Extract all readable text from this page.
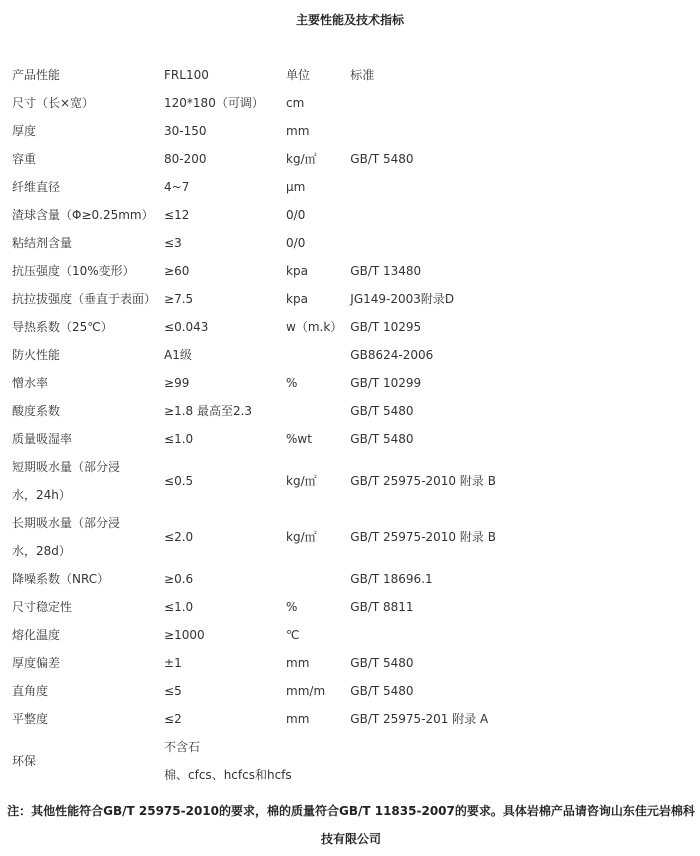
主要性能及技术指标
产品性能	FRL100	单位	标准
尺寸（长×宽）	120*180（可调）	cm	
厚度	30-150	mm	
容重	80-200	kg/㎡	GB/T 5480
纤维直径	4~7	μm	
渣球含量（Φ≥0.25mm）	≤12	0/0	
粘结剂含量	≤3	0/0	
抗压强度（10%变形）	≥60	kpa	GB/T 13480
抗拉拔强度（垂直于表面）	≥7.5	kpa	JG149-2003附录D
导热系数（25℃）	≤0.043	w（m.k）	GB/T 10295
防火性能	A1级		GB8624-2006
憎水率	≥99	%	GB/T 10299
酸度系数	≥1.8 最高至2.3		GB/T 5480
质量吸湿率	≤1.0	%wt	GB/T 5480

短期吸水量（部分浸
水，24h）	≤0.5	kg/㎡	GB/T 25975-2010 附录 B

长期吸水量（部分浸
水，28d）	≤2.0	kg/㎡	GB/T 25975-2010 附录 B
降噪系数（NRC）	≥0.6		GB/T 18696.1
尺寸稳定性	≤1.0	%	GB/T 8811
熔化温度	≥1000	℃	
厚度偏差	±1	mm	GB/T 5480
直角度	≤5	mm/m	GB/T 5480
平整度	≤2	mm	GB/T 25975-201 附录 A
环保	不含石
棉、cfcs、hcfcs和hcfs		
注：其他性能符合GB/T 25975-2010的要求，棉的质量符合GB/T 11835-2007的要求。具体岩棉产品请咨询山东佳元岩棉科技有限公司
